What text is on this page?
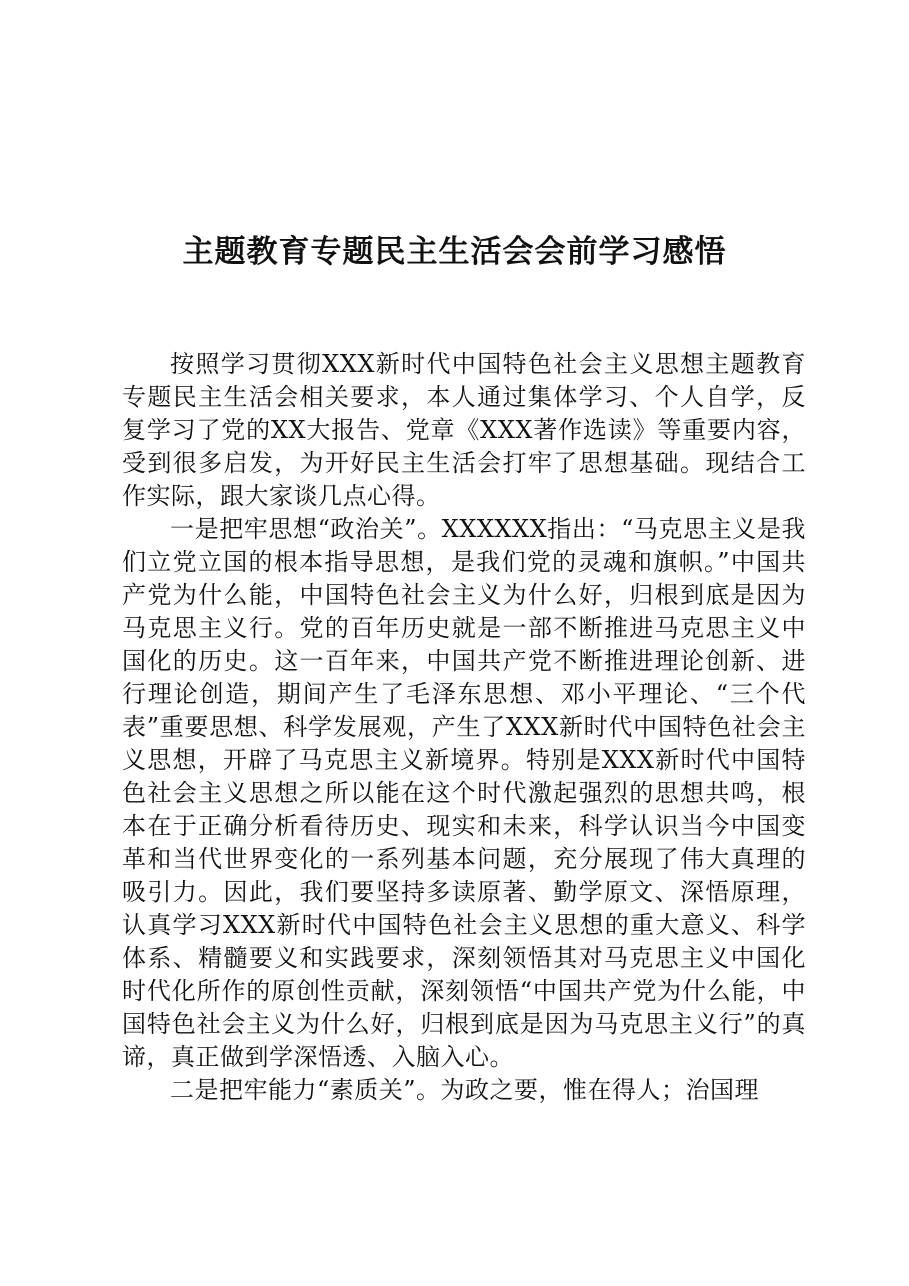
主题教育专题民主生活会会前学习感悟

按照学习贯彻XXX新时代中国特色社会主义思想主题教育专题民主生活会相关要求，本人通过集体学习、个人自学，反复学习了党的XX大报告、党章《XXX著作选读》等重要内容，受到很多启发，为开好民主生活会打牢了思想基础。现结合工作实际，跟大家谈几点心得。

一是把牢思想“政治关”。XXXXXX指出：“马克思主义是我们立党立国的根本指导思想，是我们党的灵魂和旗帜。”中国共产党为什么能，中国特色社会主义为什么好，归根到底是因为马克思主义行。党的百年历史就是一部不断推进马克思主义中国化的历史。这一百年来，中国共产党不断推进理论创新、进行理论创造，期间产生了毛泽东思想、邓小平理论、“三个代表”重要思想、科学发展观，产生了XXX新时代中国特色社会主义思想，开辟了马克思主义新境界。特别是XXX新时代中国特色社会主义思想之所以能在这个时代激起强烈的思想共鸣，根本在于正确分析看待历史、现实和未来，科学认识当今中国变革和当代世界变化的一系列基本问题，充分展现了伟大真理的吸引力。因此，我们要坚持多读原著、勤学原文、深悟原理，认真学习XXX新时代中国特色社会主义思想的重大意义、科学体系、精髓要义和实践要求，深刻领悟其对马克思主义中国化时代化所作的原创性贡献，深刻领悟“中国共产党为什么能，中国特色社会主义为什么好，归根到底是因为马克思主义行”的真谛，真正做到学深悟透、入脑入心。

二是把牢能力“素质关”。为政之要，惟在得人；治国理
